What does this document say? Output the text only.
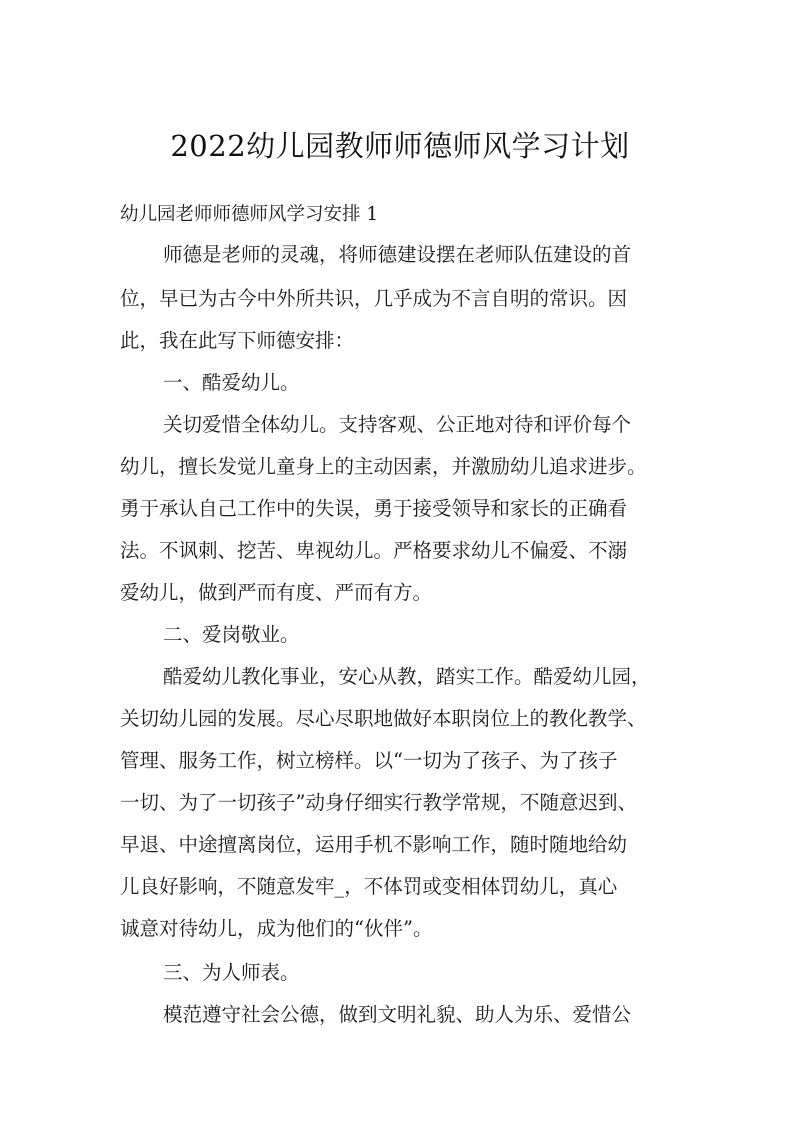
2022幼儿园教师师德师风学习计划
幼儿园老师师德师风学习安排 1
师德是老师的灵魂，将师德建设摆在老师队伍建设的首
位，早已为古今中外所共识，几乎成为不言自明的常识。因
此，我在此写下师德安排：
一、酷爱幼儿。
关切爱惜全体幼儿。支持客观、公正地对待和评价每个
幼儿，擅长发觉儿童身上的主动因素，并激励幼儿追求进步。
勇于承认自己工作中的失误，勇于接受领导和家长的正确看
法。不讽刺、挖苦、卑视幼儿。严格要求幼儿不偏爱、不溺
爱幼儿，做到严而有度、严而有方。
二、爱岗敬业。
酷爱幼儿教化事业，安心从教，踏实工作。酷爱幼儿园，
关切幼儿园的发展。尽心尽职地做好本职岗位上的教化教学、
管理、服务工作，树立榜样。以“一切为了孩子、为了孩子
一切、为了一切孩子”动身仔细实行教学常规，不随意迟到、
早退、中途擅离岗位，运用手机不影响工作，随时随地给幼
儿良好影响，不随意发牢_，不体罚或变相体罚幼儿，真心
诚意对待幼儿，成为他们的“伙伴”。
三、为人师表。
模范遵守社会公德，做到文明礼貌、助人为乐、爱惜公
